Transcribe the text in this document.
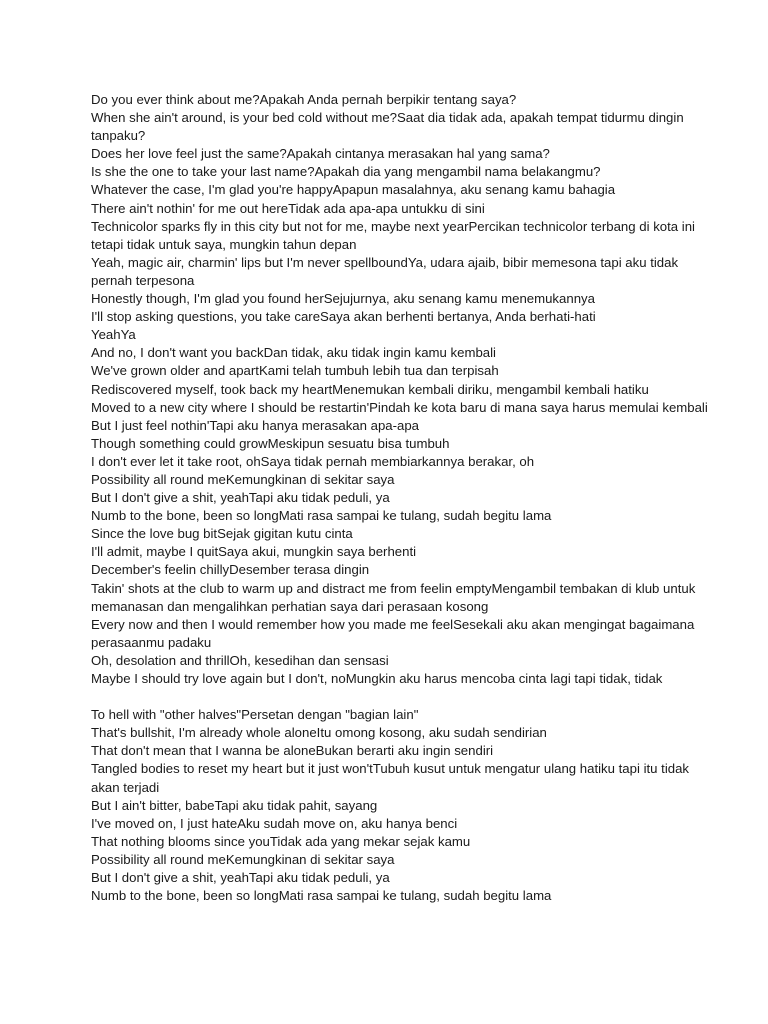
Do you ever think about me?Apakah Anda pernah berpikir tentang saya?
When she ain't around, is your bed cold without me?Saat dia tidak ada, apakah tempat tidurmu dingin tanpaku?
Does her love feel just the same?Apakah cintanya merasakan hal yang sama?
Is she the one to take your last name?Apakah dia yang mengambil nama belakangmu?
Whatever the case, I'm glad you're happyApapun masalahnya, aku senang kamu bahagia
There ain't nothin' for me out hereTidak ada apa-apa untukku di sini
Technicolor sparks fly in this city but not for me, maybe next yearPercikan technicolor terbang di kota ini tetapi tidak untuk saya, mungkin tahun depan
Yeah, magic air, charmin' lips but I'm never spellboundYa, udara ajaib, bibir memesona tapi aku tidak pernah terpesona
Honestly though, I'm glad you found herSejujurnya, aku senang kamu menemukannya
I'll stop asking questions, you take careSaya akan berhenti bertanya, Anda berhati-hati
YeahYa
And no, I don't want you backDan tidak, aku tidak ingin kamu kembali
We've grown older and apartKami telah tumbuh lebih tua dan terpisah
Rediscovered myself, took back my heartMenemukan kembali diriku, mengambil kembali hatiku
Moved to a new city where I should be restartin'Pindah ke kota baru di mana saya harus memulai kembali
But I just feel nothin'Tapi aku hanya merasakan apa-apa
Though something could growMeskipun sesuatu bisa tumbuh
I don't ever let it take root, ohSaya tidak pernah membiarkannya berakar, oh
Possibility all round meKemungkinan di sekitar saya
But I don't give a shit, yeahTapi aku tidak peduli, ya
Numb to the bone, been so longMati rasa sampai ke tulang, sudah begitu lama
Since the love bug bitSejak gigitan kutu cinta
I'll admit, maybe I quitSaya akui, mungkin saya berhenti
December's feelin chillyDesember terasa dingin
Takin' shots at the club to warm up and distract me from feelin emptyMengambil tembakan di klub untuk memanasan dan mengalihkan perhatian saya dari perasaan kosong
Every now and then I would remember how you made me feelSesekali aku akan mengingat bagaimana perasaanmu padaku
Oh, desolation and thrillOh, kesedihan dan sensasi
Maybe I should try love again but I don't, noMungkin aku harus mencoba cinta lagi tapi tidak, tidak
To hell with "other halves"Persetan dengan "bagian lain"
That's bullshit, I'm already whole aloneItu omong kosong, aku sudah sendirian
That don't mean that I wanna be aloneBukan berarti aku ingin sendiri
Tangled bodies to reset my heart but it just won'tTubuh kusut untuk mengatur ulang hatiku tapi itu tidak akan terjadi
But I ain't bitter, babeTapi aku tidak pahit, sayang
I've moved on, I just hateAku sudah move on, aku hanya benci
That nothing blooms since youTidak ada yang mekar sejak kamu
Possibility all round meKemungkinan di sekitar saya
But I don't give a shit, yeahTapi aku tidak peduli, ya
Numb to the bone, been so longMati rasa sampai ke tulang, sudah begitu lama
